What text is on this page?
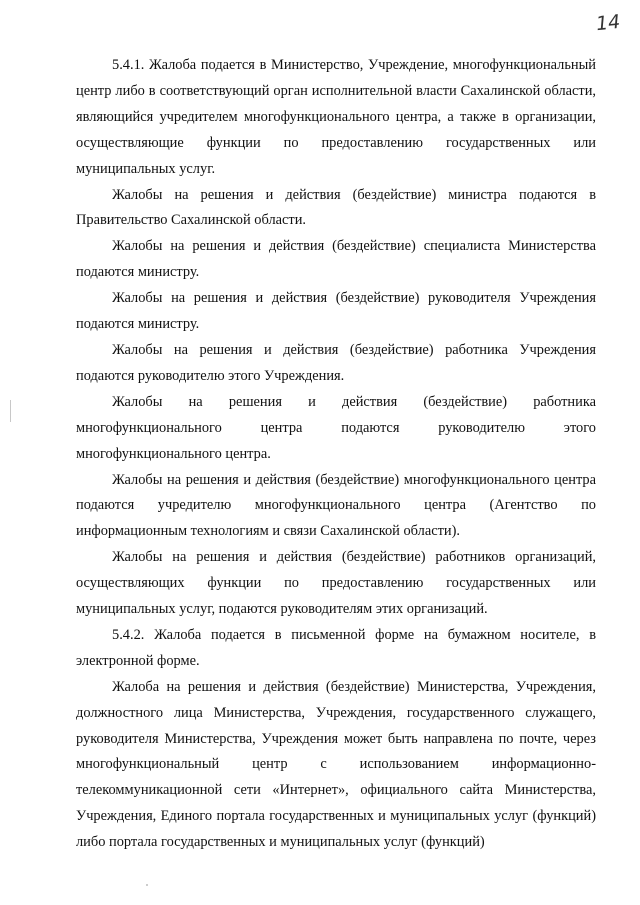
14

5.4.1. Жалоба подается в Министерство, Учреждение, многофункциональный центр либо в соответствующий орган исполнительной власти Сахалинской области, являющийся учредителем многофункционального центра, а также в организации, осуществляющие функции по предоставлению государственных или муниципальных услуг.

Жалобы на решения и действия (бездействие) министра подаются в Правительство Сахалинской области.

Жалобы на решения и действия (бездействие) специалиста Министерства подаются министру.

Жалобы на решения и действия (бездействие) руководителя Учреждения подаются министру.

Жалобы на решения и действия (бездействие) работника Учреждения подаются руководителю этого Учреждения.

Жалобы на решения и действия (бездействие) работника многофункционального центра подаются руководителю этого многофункционального центра.

Жалобы на решения и действия (бездействие) многофункционального центра подаются учредителю многофункционального центра (Агентство по информационным технологиям и связи Сахалинской области).

Жалобы на решения и действия (бездействие) работников организаций, осуществляющих функции по предоставлению государственных или муниципальных услуг, подаются руководителям этих организаций.

5.4.2. Жалоба подается в письменной форме на бумажном носителе, в электронной форме.

Жалоба на решения и действия (бездействие) Министерства, Учреждения, должностного лица Министерства, Учреждения, государственного служащего, руководителя Министерства, Учреждения может быть направлена по почте, через многофункциональный центр с использованием информационно-телекоммуникационной сети «Интернет», официального сайта Министерства, Учреждения, Единого портала государственных и муниципальных услуг (функций) либо портала государственных и муниципальных услуг (функций)
